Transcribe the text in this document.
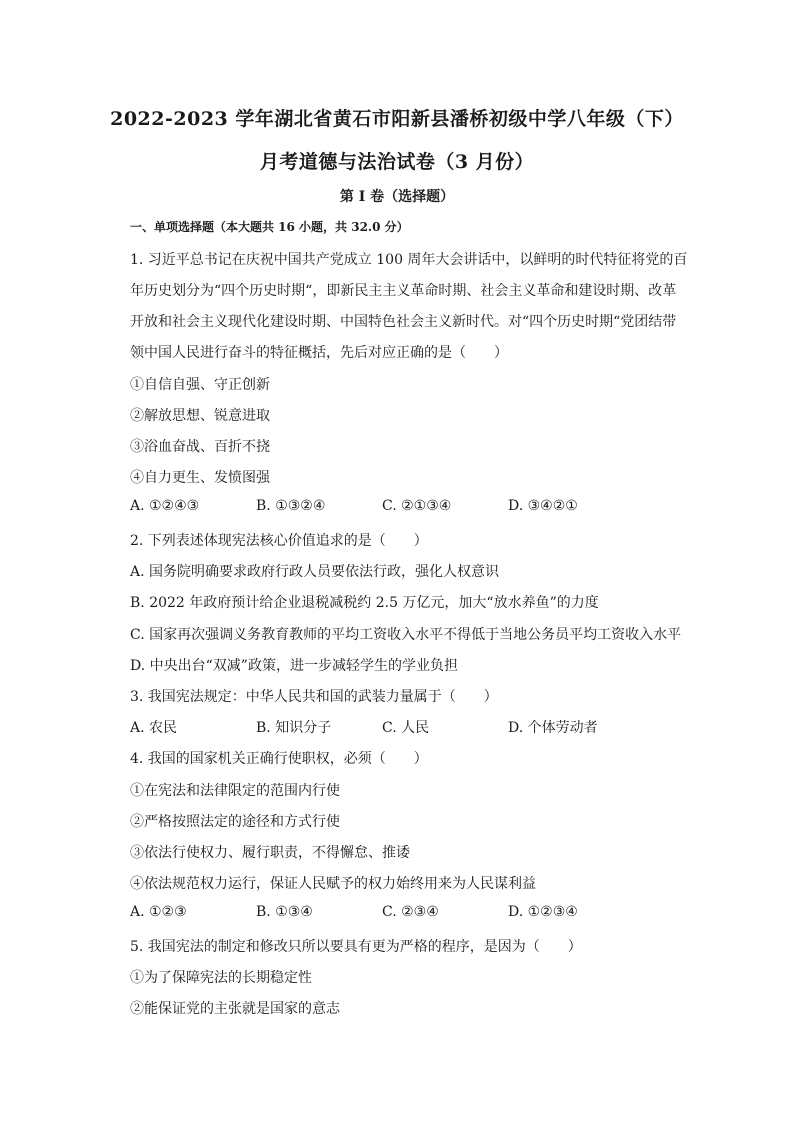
2022-2023 学年湖北省黄石市阳新县潘桥初级中学八年级（下）
月考道德与法治试卷（3 月份）
第 I 卷（选择题）
一、单项选择题（本大题共 16 小题，共 32.0 分）
1. 习近平总书记在庆祝中国共产党成立 100 周年大会讲话中，以鲜明的时代特征将党的百
年历史划分为“四个历史时期“，即新民主主义革命时期、社会主义革命和建设时期、改革
开放和社会主义现代化建设时期、中国特色社会主义新时代。对“四个历史时期“党团结带
领中国人民进行奋斗的特征概括，先后对应正确的是（　　）
①自信自强、守正创新
②解放思想、锐意进取
③浴血奋战、百折不挠
④自力更生、发愤图强
A. ①②④③	B. ①③②④	C. ②①③④	D. ③④②①
2. 下列表述体现宪法核心价值追求的是（　　）
A. 国务院明确要求政府行政人员要依法行政，强化人权意识
B. 2022 年政府预计给企业退税减税约 2.5 万亿元，加大“放水养鱼”的力度
C. 国家再次强调义务教育教师的平均工资收入水平不得低于当地公务员平均工资收入水平
D. 中央出台“双减”政策，进一步减轻学生的学业负担
3. 我国宪法规定：中华人民共和国的武装力量属于（　　）
A. 农民	B. 知识分子	C. 人民	D. 个体劳动者
4. 我国的国家机关正确行使职权，必须（　　）
①在宪法和法律限定的范围内行使
②严格按照法定的途径和方式行使
③依法行使权力、履行职责，不得懈怠、推诿
④依法规范权力运行，保证人民赋予的权力始终用来为人民谋利益
A. ①②③	B. ①③④	C. ②③④	D. ①②③④
5. 我国宪法的制定和修改只所以要具有更为严格的程序，是因为（　　）
①为了保障宪法的长期稳定性
②能保证党的主张就是国家的意志
